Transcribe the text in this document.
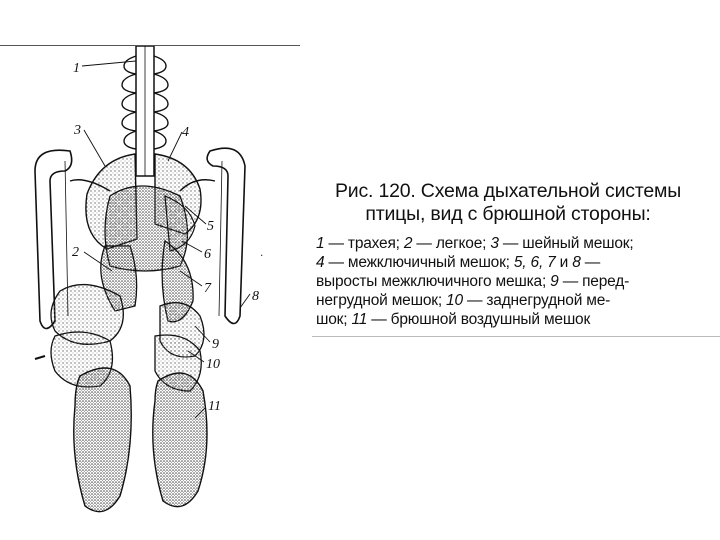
1
2
3	4
5
6
7
8
9
10
11
.

Рис. 120. Схема дыхательной системы
птицы, вид с брюшной стороны:

1 — трахея; 2 — легкое; 3 — шейный мешок;
4 — межключичный мешок; 5, 6, 7 и 8 —
выросты межключичного мешка; 9 — перед-
негрудной мешок; 10 — заднегрудной ме-
шок; 11 — брюшной воздушный мешок
